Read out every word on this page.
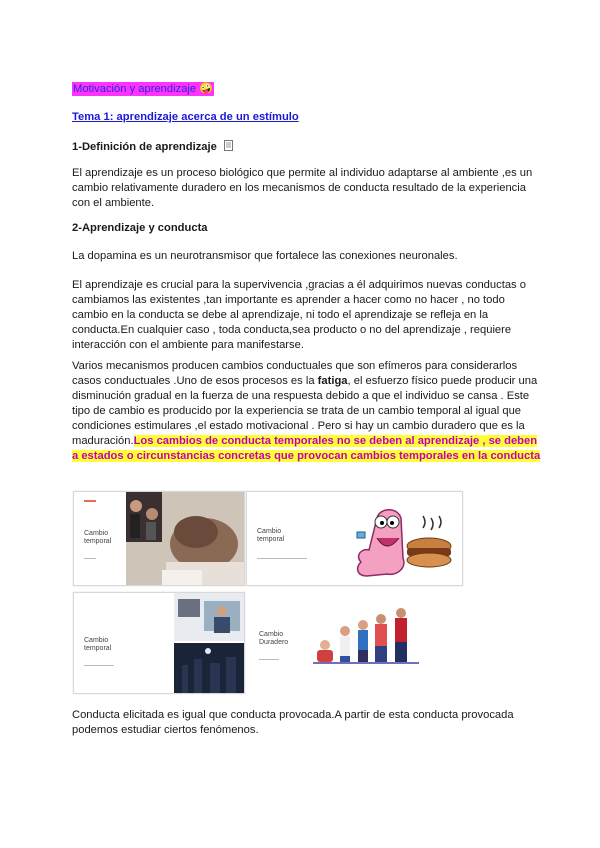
Motivación y aprendizaje 🤪
Tema 1: aprendizaje acerca de un estímulo
1-Definición de aprendizaje

El aprendizaje es un proceso biológico que permite al individuo adaptarse al ambiente ,es un cambio relativamente duradero en los mecanismos de conducta resultado de la experiencia con el ambiente.

2-Aprendizaje y conducta

La dopamina es un neurotransmisor que fortalece las conexiones neuronales.

El aprendizaje es crucial para la supervivencia ,gracias a él adquirimos nuevas conductas o cambiamos las existentes ,tan importante es aprender a hacer como no hacer , no todo cambio en la conducta se debe al aprendizaje, ni todo el aprendizaje se refleja en la conducta.En cualquier caso , toda conducta,sea producto o no del aprendizaje , requiere interacción con el ambiente para manifestarse.

Varios mecanismos producen cambios conductuales que son efímeros para considerarlos casos conductuales .Uno de esos procesos es la fatiga, el esfuerzo físico puede producir una disminución gradual en la fuerza de una respuesta debido a que el individuo se cansa . Este tipo de cambio es producido por la experiencia se trata de un cambio temporal al igual que condiciones estimulares ,el estado motivacional . Pero si hay un cambio duradero que es la maduración.Los cambios de conducta temporales no se deben al aprendizaje , se deben a estados o circunstancias concretas que provocan cambios temporales en la conducta

Cambio temporal
Cambio temporal
Cambio temporal
Cambio Duradero

Conducta elicitada es igual que conducta provocada.A partir de esta conducta provocada podemos estudiar ciertos fenómenos.
